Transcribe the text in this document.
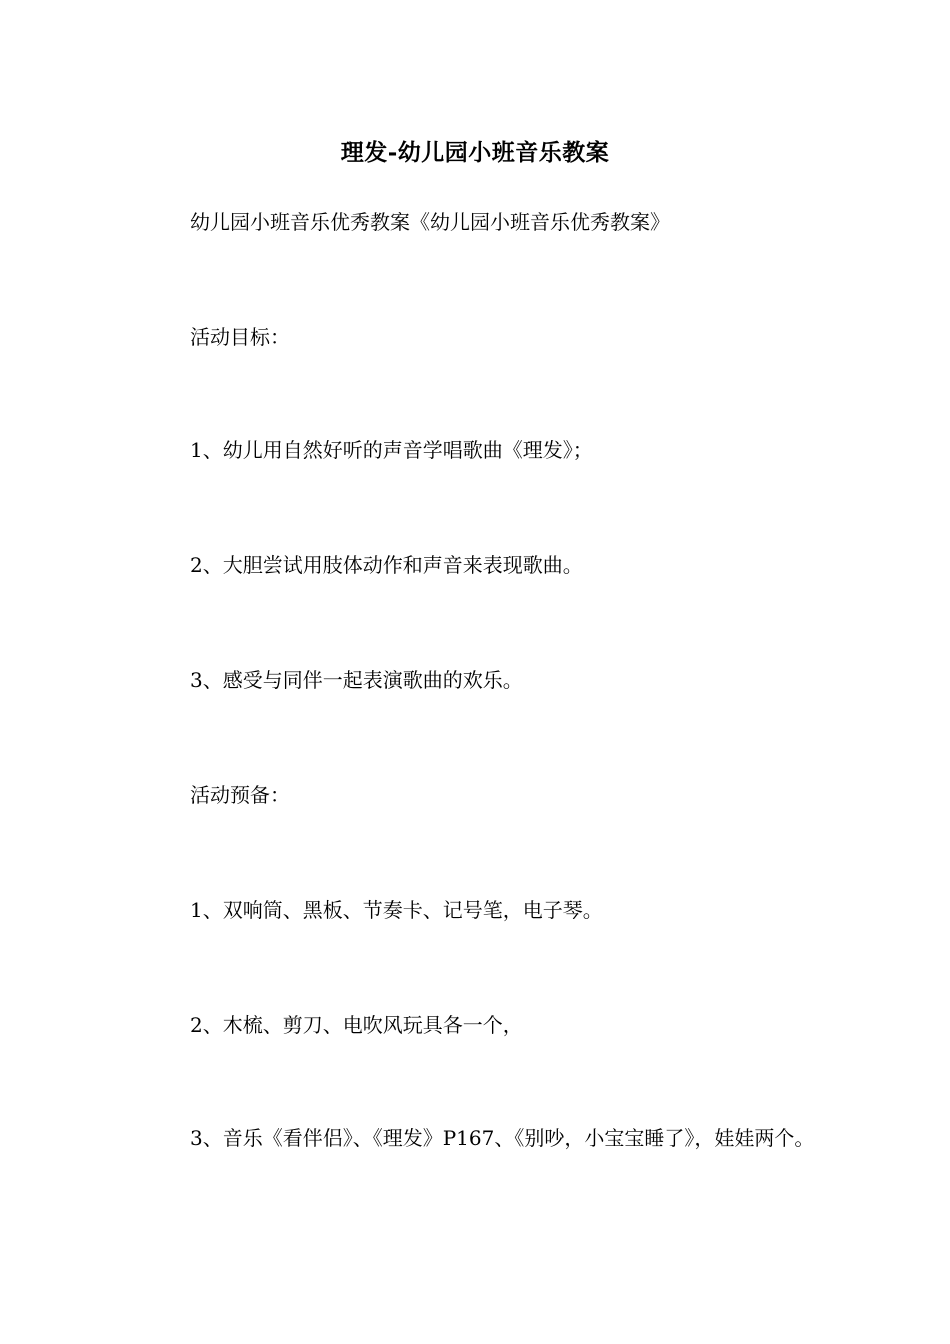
理发-幼儿园小班音乐教案
幼儿园小班音乐优秀教案《幼儿园小班音乐优秀教案》
活动目标：
1、幼儿用自然好听的声音学唱歌曲《理发》；
2、大胆尝试用肢体动作和声音来表现歌曲。
3、感受与同伴一起表演歌曲的欢乐。
活动预备：
1、双响筒、黑板、节奏卡、记号笔，电子琴。
2、木梳、剪刀、电吹风玩具各一个，
3、音乐《看伴侣》、《理发》P167、《别吵，小宝宝睡了》，娃娃两个。
